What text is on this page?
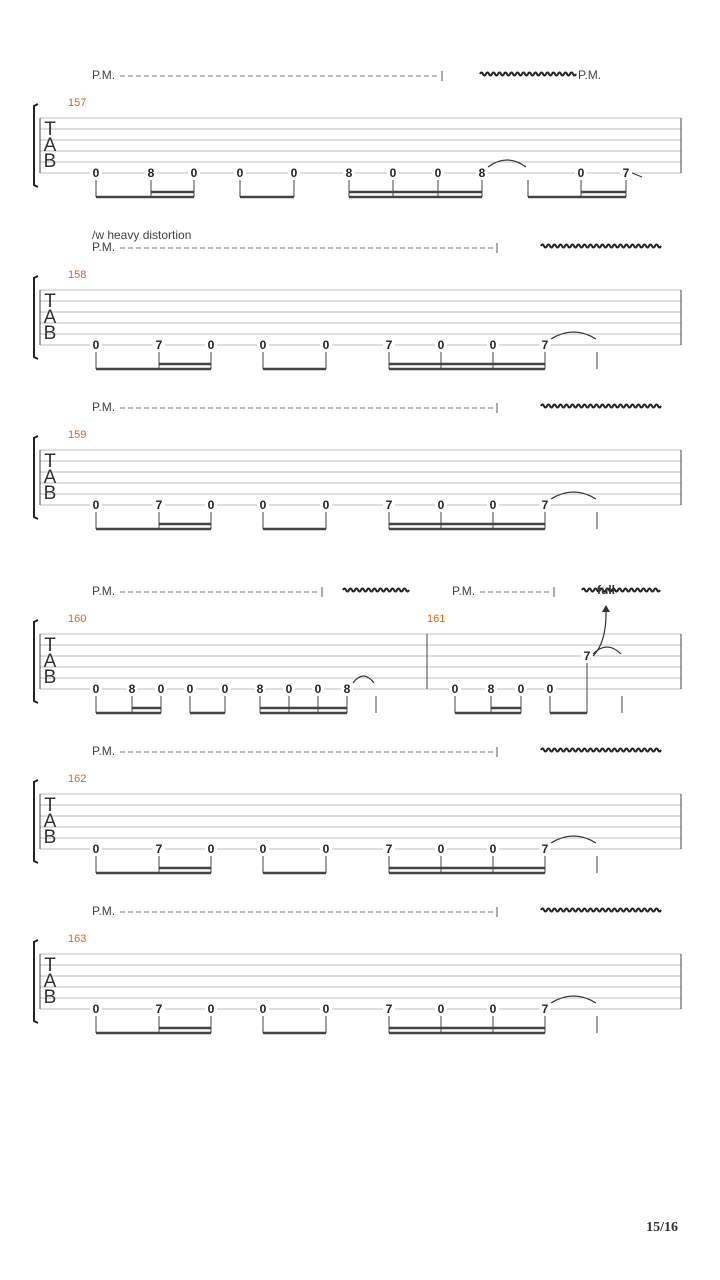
T
A
B
157
P.M.	P.M.
0	8	0	0	0	8	0	0	8	0	7
T
A
B
158
/w heavy distortion
P.M.
0	7	0	0	0	7	0	0	7
T
A
B
159
P.M.
0	7	0	0	0	7	0	0	7
T
A
B
160	161
P.M.	P.M.
0 8 0 0 0 8 0 0 8	0 8 0 0
7
full
T
A
B
162
P.M.
0	7	0	0	0	7	0	0	7
T
A
B
163
P.M.
0	7	0	0	0	7	0	0	7
15/16
